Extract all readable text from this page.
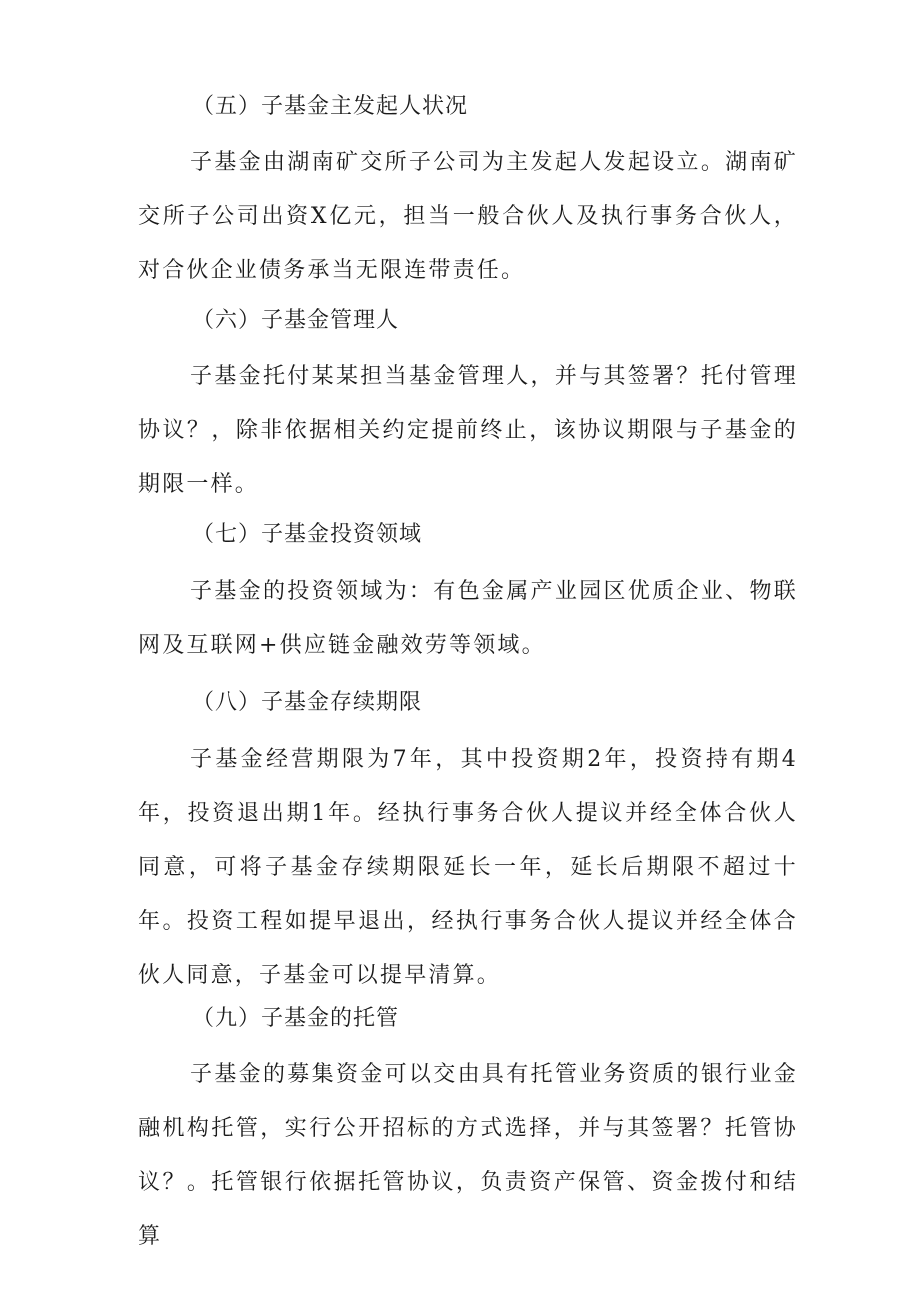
（五）子基金主发起人状况

子基金由湖南矿交所子公司为主发起人发起设立。湖南矿交所子公司出资X亿元，担当一般合伙人及执行事务合伙人，对合伙企业债务承当无限连带责任。

（六）子基金管理人

子基金托付某某担当基金管理人，并与其签署？托付管理协议？，除非依据相关约定提前终止，该协议期限与子基金的期限一样。

（七）子基金投资领域

子基金的投资领域为：有色金属产业园区优质企业、物联网及互联网+供应链金融效劳等领域。

（八）子基金存续期限

子基金经营期限为7年，其中投资期2年，投资持有期4年，投资退出期1年。经执行事务合伙人提议并经全体合伙人同意，可将子基金存续期限延长一年，延长后期限不超过十年。投资工程如提早退出，经执行事务合伙人提议并经全体合伙人同意，子基金可以提早清算。

（九）子基金的托管

子基金的募集资金可以交由具有托管业务资质的银行业金融机构托管，实行公开招标的方式选择，并与其签署？托管协议？。托管银行依据托管协议，负责资产保管、资金拨付和结算
